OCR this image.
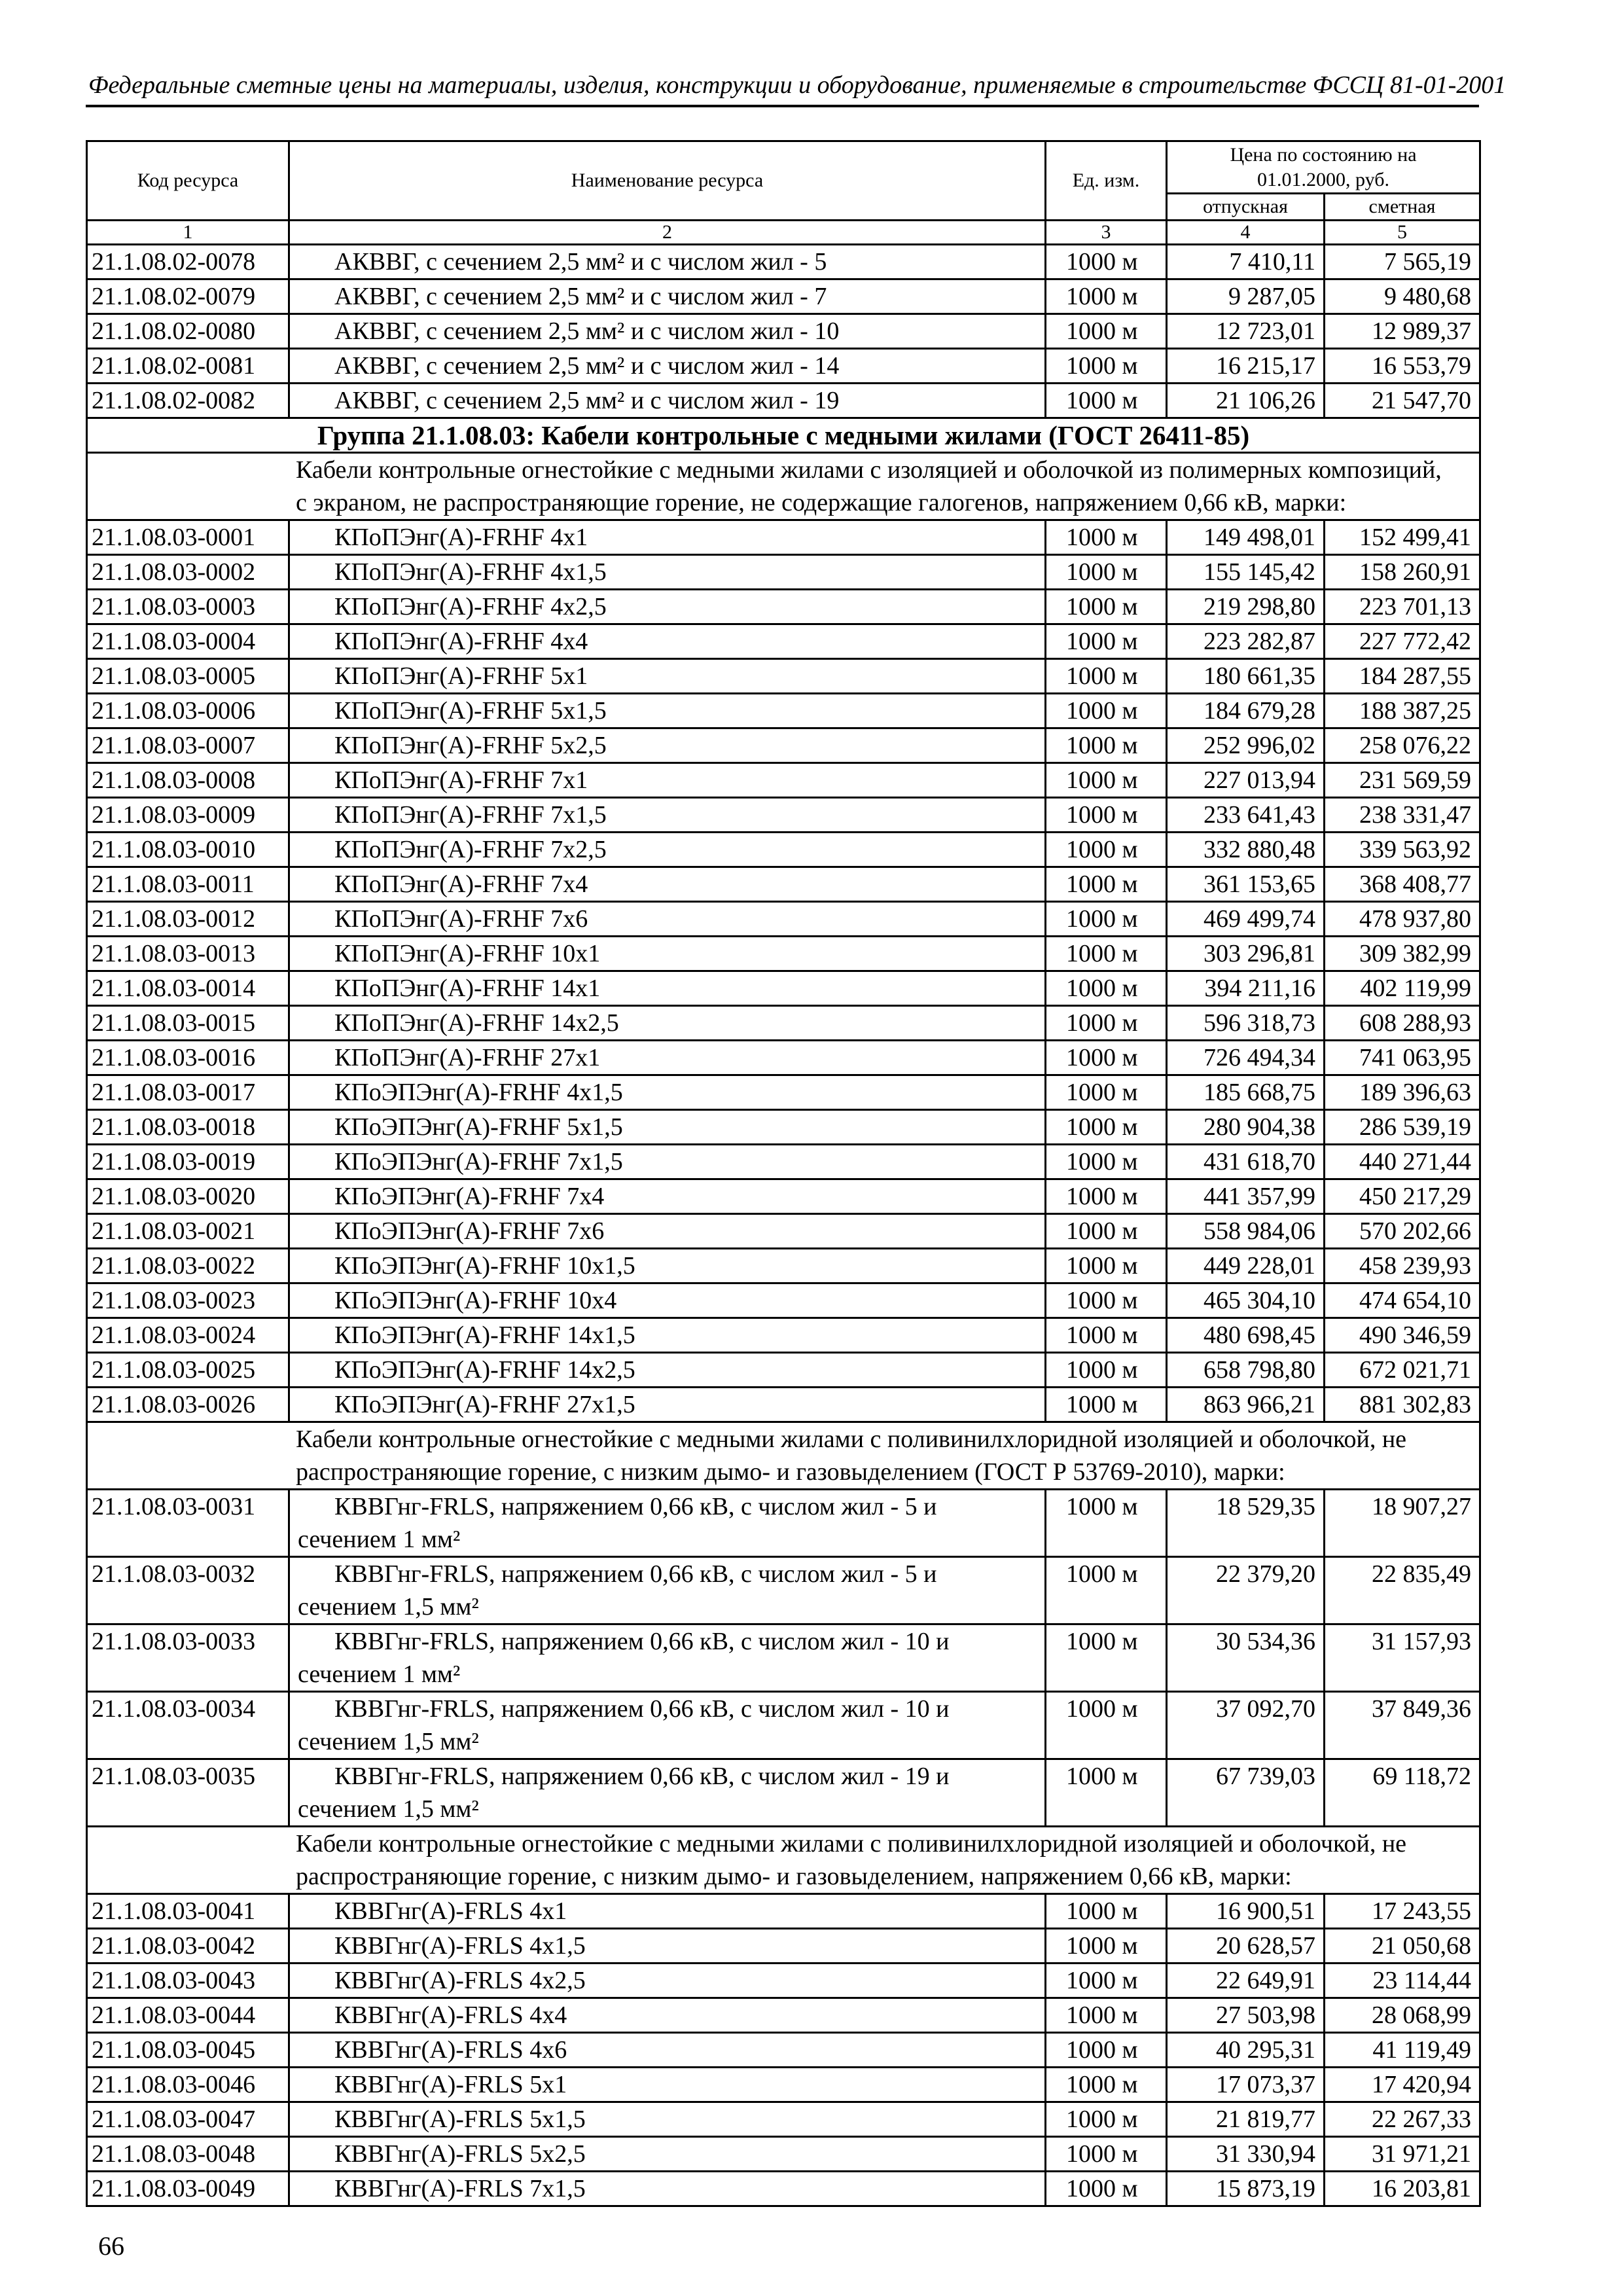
Федеральные сметные цены на материалы, изделия, конструкции и оборудование, применяемые в строительстве ФССЦ 81-01-2001
Код ресурса	Наименование ресурса	Ед. изм.	Цена по состоянию на 01.01.2000, руб.	
			отпускная	сметная
1	2	3	4	5
21.1.08.02-0078	АКВВГ, с сечением 2,5 мм² и с числом жил - 5	1000 м	7 410,11	7 565,19
21.1.08.02-0079	АКВВГ, с сечением 2,5 мм² и с числом жил - 7	1000 м	9 287,05	9 480,68
21.1.08.02-0080	АКВВГ, с сечением 2,5 мм² и с числом жил - 10	1000 м	12 723,01	12 989,37
21.1.08.02-0081	АКВВГ, с сечением 2,5 мм² и с числом жил - 14	1000 м	16 215,17	16 553,79
21.1.08.02-0082	АКВВГ, с сечением 2,5 мм² и с числом жил - 19	1000 м	21 106,26	21 547,70
Группа 21.1.08.03: Кабели контрольные с медными жилами (ГОСТ 26411-85)				
Кабели контрольные огнестойкие с медными жилами с изоляцией и оболочкой из полимерных композиций, с экраном, не распространяющие горение, не содержащие галогенов, напряжением 0,66 кВ, марки:				
21.1.08.03-0001	КПоПЭнг(А)-FRHF 4х1	1000 м	149 498,01	152 499,41
21.1.08.03-0002	КПоПЭнг(А)-FRHF 4х1,5	1000 м	155 145,42	158 260,91
21.1.08.03-0003	КПоПЭнг(А)-FRHF 4х2,5	1000 м	219 298,80	223 701,13
21.1.08.03-0004	КПоПЭнг(А)-FRHF 4х4	1000 м	223 282,87	227 772,42
21.1.08.03-0005	КПоПЭнг(А)-FRHF 5х1	1000 м	180 661,35	184 287,55
21.1.08.03-0006	КПоПЭнг(А)-FRHF 5х1,5	1000 м	184 679,28	188 387,25
21.1.08.03-0007	КПоПЭнг(А)-FRHF 5х2,5	1000 м	252 996,02	258 076,22
21.1.08.03-0008	КПоПЭнг(А)-FRHF 7х1	1000 м	227 013,94	231 569,59
21.1.08.03-0009	КПоПЭнг(А)-FRHF 7х1,5	1000 м	233 641,43	238 331,47
21.1.08.03-0010	КПоПЭнг(А)-FRHF 7х2,5	1000 м	332 880,48	339 563,92
21.1.08.03-0011	КПоПЭнг(А)-FRHF 7х4	1000 м	361 153,65	368 408,77
21.1.08.03-0012	КПоПЭнг(А)-FRHF 7х6	1000 м	469 499,74	478 937,80
21.1.08.03-0013	КПоПЭнг(А)-FRHF 10х1	1000 м	303 296,81	309 382,99
21.1.08.03-0014	КПоПЭнг(А)-FRHF 14х1	1000 м	394 211,16	402 119,99
21.1.08.03-0015	КПоПЭнг(А)-FRHF 14х2,5	1000 м	596 318,73	608 288,93
21.1.08.03-0016	КПоПЭнг(А)-FRHF 27х1	1000 м	726 494,34	741 063,95
21.1.08.03-0017	КПоЭПЭнг(А)-FRHF 4х1,5	1000 м	185 668,75	189 396,63
21.1.08.03-0018	КПоЭПЭнг(А)-FRHF 5х1,5	1000 м	280 904,38	286 539,19
21.1.08.03-0019	КПоЭПЭнг(А)-FRHF 7х1,5	1000 м	431 618,70	440 271,44
21.1.08.03-0020	КПоЭПЭнг(А)-FRHF 7х4	1000 м	441 357,99	450 217,29
21.1.08.03-0021	КПоЭПЭнг(А)-FRHF 7х6	1000 м	558 984,06	570 202,66
21.1.08.03-0022	КПоЭПЭнг(А)-FRHF 10х1,5	1000 м	449 228,01	458 239,93
21.1.08.03-0023	КПоЭПЭнг(А)-FRHF 10х4	1000 м	465 304,10	474 654,10
21.1.08.03-0024	КПоЭПЭнг(А)-FRHF 14х1,5	1000 м	480 698,45	490 346,59
21.1.08.03-0025	КПоЭПЭнг(А)-FRHF 14х2,5	1000 м	658 798,80	672 021,71
21.1.08.03-0026	КПоЭПЭнг(А)-FRHF 27х1,5	1000 м	863 966,21	881 302,83
Кабели контрольные огнестойкие с медными жилами с поливинилхлоридной изоляцией и оболочкой, не распространяющие горение, с низким дымо- и газовыделением (ГОСТ Р 53769-2010), марки:				
21.1.08.03-0031	КВВГнг-FRLS, напряжением 0,66 кВ, с числом жил - 5 и сечением 1 мм²	1000 м	18 529,35	18 907,27
21.1.08.03-0032	КВВГнг-FRLS, напряжением 0,66 кВ, с числом жил - 5 и сечением 1,5 мм²	1000 м	22 379,20	22 835,49
21.1.08.03-0033	КВВГнг-FRLS, напряжением 0,66 кВ, с числом жил - 10 и сечением 1 мм²	1000 м	30 534,36	31 157,93
21.1.08.03-0034	КВВГнг-FRLS, напряжением 0,66 кВ, с числом жил - 10 и сечением 1,5 мм²	1000 м	37 092,70	37 849,36
21.1.08.03-0035	КВВГнг-FRLS, напряжением 0,66 кВ, с числом жил - 19 и сечением 1,5 мм²	1000 м	67 739,03	69 118,72
Кабели контрольные огнестойкие с медными жилами с поливинилхлоридной изоляцией и оболочкой, не распространяющие горение, с низким дымо- и газовыделением, напряжением 0,66 кВ, марки:				
21.1.08.03-0041	КВВГнг(А)-FRLS 4х1	1000 м	16 900,51	17 243,55
21.1.08.03-0042	КВВГнг(А)-FRLS 4х1,5	1000 м	20 628,57	21 050,68
21.1.08.03-0043	КВВГнг(А)-FRLS 4х2,5	1000 м	22 649,91	23 114,44
21.1.08.03-0044	КВВГнг(А)-FRLS 4х4	1000 м	27 503,98	28 068,99
21.1.08.03-0045	КВВГнг(А)-FRLS 4х6	1000 м	40 295,31	41 119,49
21.1.08.03-0046	КВВГнг(А)-FRLS 5х1	1000 м	17 073,37	17 420,94
21.1.08.03-0047	КВВГнг(А)-FRLS 5х1,5	1000 м	21 819,77	22 267,33
21.1.08.03-0048	КВВГнг(А)-FRLS 5х2,5	1000 м	31 330,94	31 971,21
21.1.08.03-0049	КВВГнг(А)-FRLS 7х1,5	1000 м	15 873,19	16 203,81
66
